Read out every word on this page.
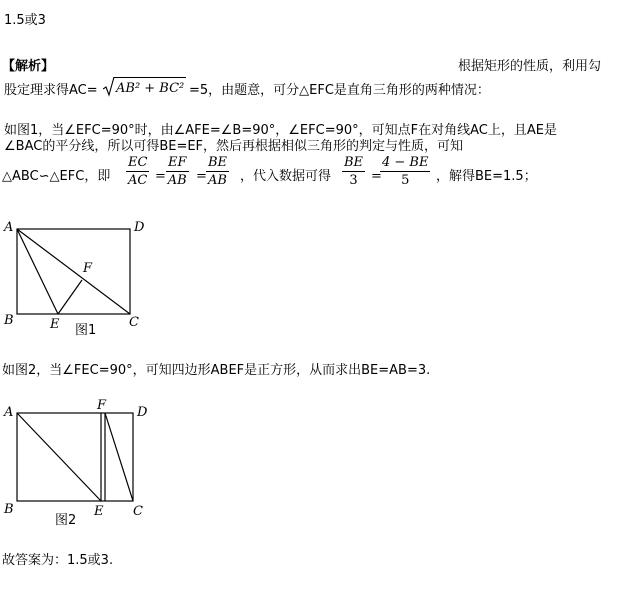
1.5或3
【解析】	根据矩形的性质，利用勾
股定理求得AC= AB² + BC² =5，由题意，可分△EFC是直角三角形的两种情况：
如图1，当∠EFC=90°时，由∠AFE=∠B=90°，∠EFC=90°，可知点F在对角线AC上，且AE是
∠BAC的平分线，所以可得BE=EF，然后再根据相似三角形的判定与性质，可知
△ABC∽△EFC，即 $\frac{EC}{AC} = \frac{EF}{AB} = \frac{BE}{AB}$ ，代入数据可得 $\frac{BE}{3}$ =
$\frac{4 - BE}{5}$ ，解得BE=1.5；
A	D
B	C
E
F
图1
如图2，当∠FEC=90°，可知四边形ABEF是正方形，从而求出BE=AB=3.
A	F D
B	E C
图2
故答案为：1.5或3.
